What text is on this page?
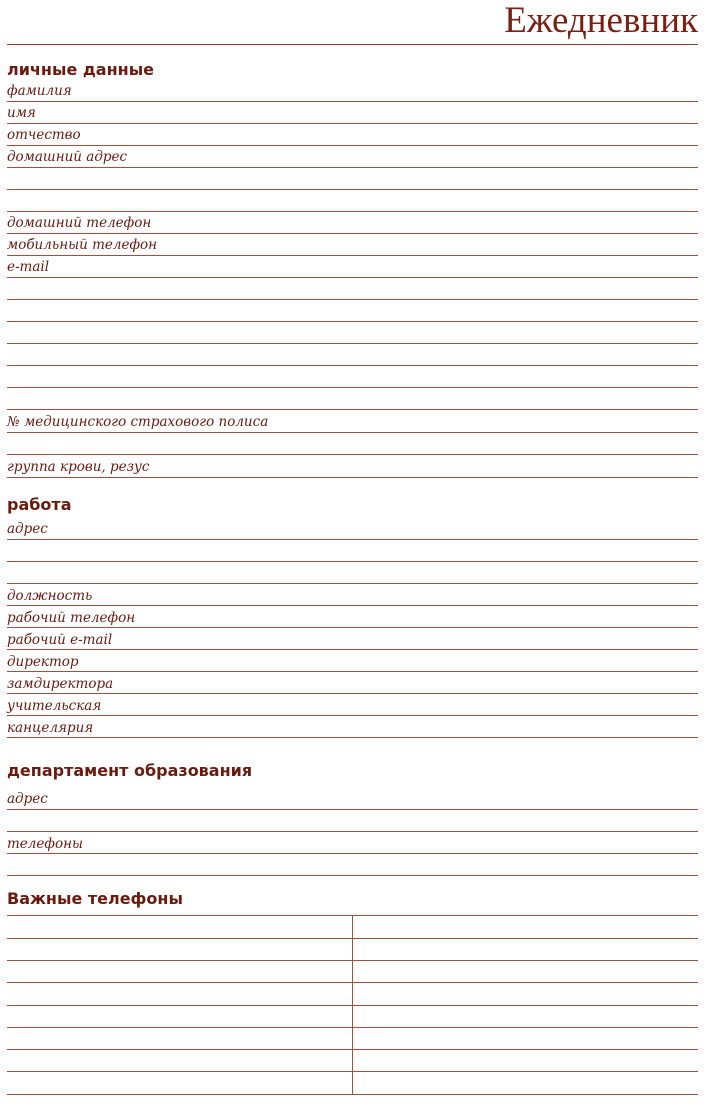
Ежедневник
личные данные
фамилия
имя
отчество
домашний адрес
домашний телефон
мобильный телефон
e-mail
№ медицинского страхового полиса
группа крови, резус
работа
адрес
должность
рабочий телефон
рабочий e-mail
директор
замдиректора
учительская
канцелярия
департамент образования
адрес
телефоны
Важные телефоны
